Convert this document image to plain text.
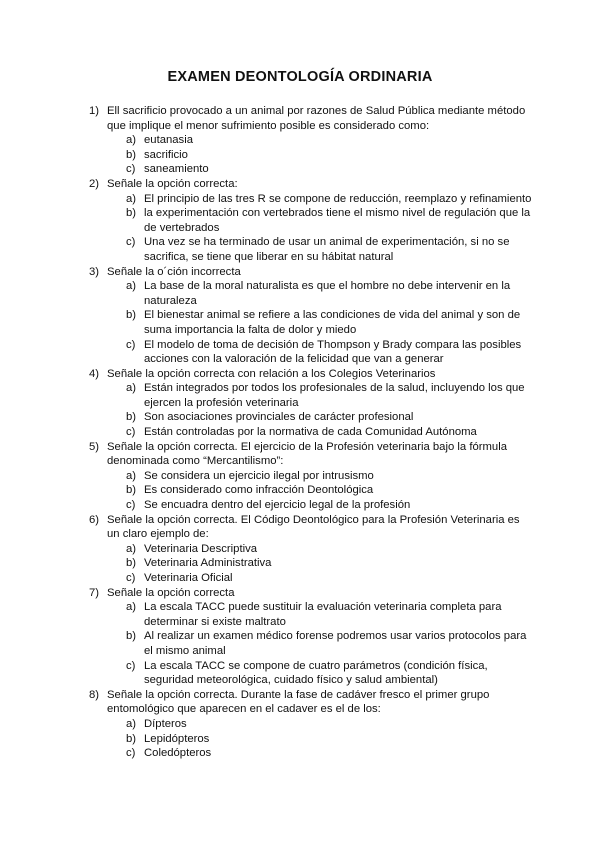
EXAMEN DEONTOLOGÍA ORDINARIA
1) Ell sacrificio provocado a un animal por razones de Salud Pública mediante método que implique el menor sufrimiento posible es considerado como:
a) eutanasia
b) sacrificio
c) saneamiento
2) Señale la opción correcta:
a) El principio de las tres R se compone de reducción, reemplazo y refinamiento
b) la experimentación con vertebrados tiene el mismo nivel de regulación que la de vertebrados
c) Una vez se ha terminado de usar un animal de experimentación, si no se sacrifica, se tiene que liberar en su hábitat natural
3) Señale la o´ción incorrecta
a) La base de la moral naturalista es que el hombre no debe intervenir en la naturaleza
b) El bienestar animal se refiere a las condiciones de vida del animal y son de suma importancia la falta de dolor y miedo
c) El modelo de toma de decisión de Thompson y Brady compara las posibles acciones con la valoración de la felicidad que van a generar
4) Señale la opción correcta con relación a los Colegios Veterinarios
a) Están integrados por todos los profesionales de la salud, incluyendo los que ejercen la profesión veterinaria
b) Son asociaciones provinciales de carácter profesional
c) Están controladas por la normativa de cada Comunidad Autónoma
5) Señale la opción correcta. El ejercicio de la Profesión veterinaria bajo la fórmula denominada como “Mercantilismo”:
a) Se considera un ejercicio ilegal por intrusismo
b) Es considerado como infracción Deontológica
c) Se encuadra dentro del ejercicio legal de la profesión
6) Señale la opción correcta. El Código Deontológico para la Profesión Veterinaria es un claro ejemplo de:
a) Veterinaria Descriptiva
b) Veterinaria Administrativa
c) Veterinaria Oficial
7) Señale la opción correcta
a) La escala TACC puede sustituir la evaluación veterinaria completa para determinar si existe maltrato
b) Al realizar un examen médico forense podremos usar varios protocolos para el mismo animal
c) La escala TACC se compone de cuatro parámetros (condición física, seguridad meteorológica, cuidado físico y salud ambiental)
8) Señale la opción correcta. Durante la fase de cadáver fresco el primer grupo entomológico que aparecen en el cadaver es el de los:
a) Dípteros
b) Lepidópteros
c) Coledópteros
